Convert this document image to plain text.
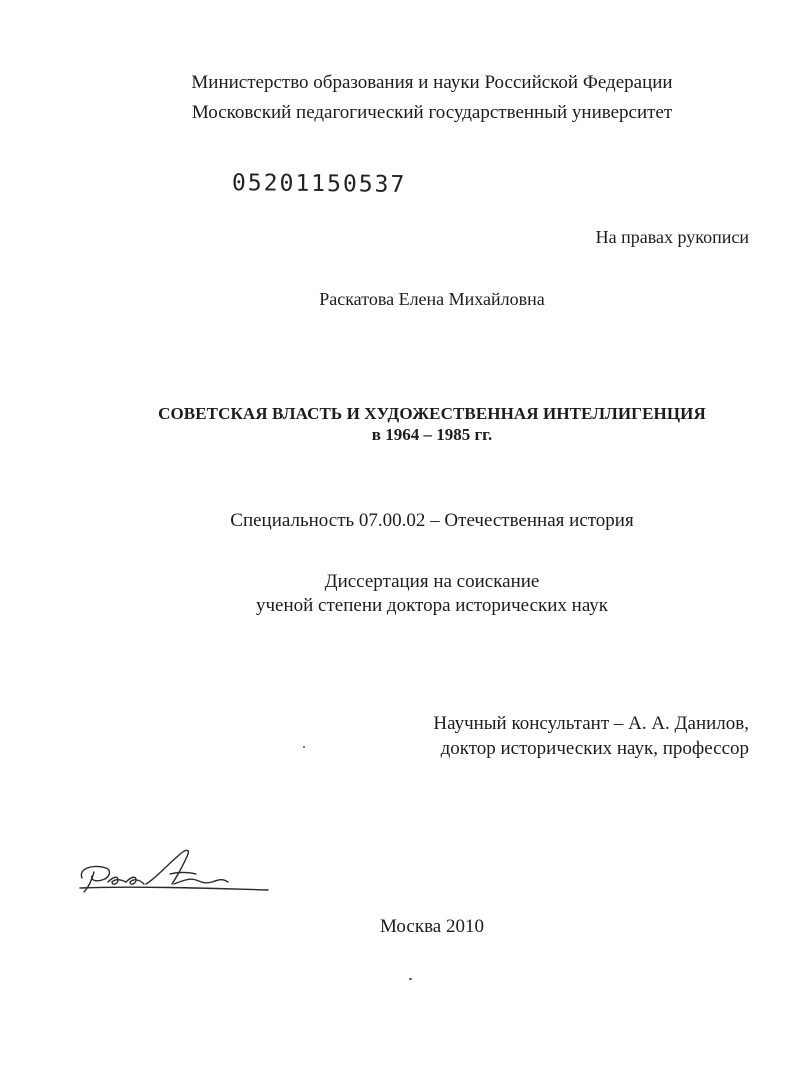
Министерство образования и науки Российской Федерации
Московский педагогический государственный университет
05201150537
На правах рукописи
Раскатова Елена Михайловна
СОВЕТСКАЯ ВЛАСТЬ И ХУДОЖЕСТВЕННАЯ ИНТЕЛЛИГЕНЦИЯ
в 1964 – 1985 гг.
Специальность 07.00.02 – Отечественная история
Диссертация на соискание
ученой степени доктора исторических наук
Научный консультант – А. А. Данилов,
доктор исторических наук, профессор
Москва 2010
